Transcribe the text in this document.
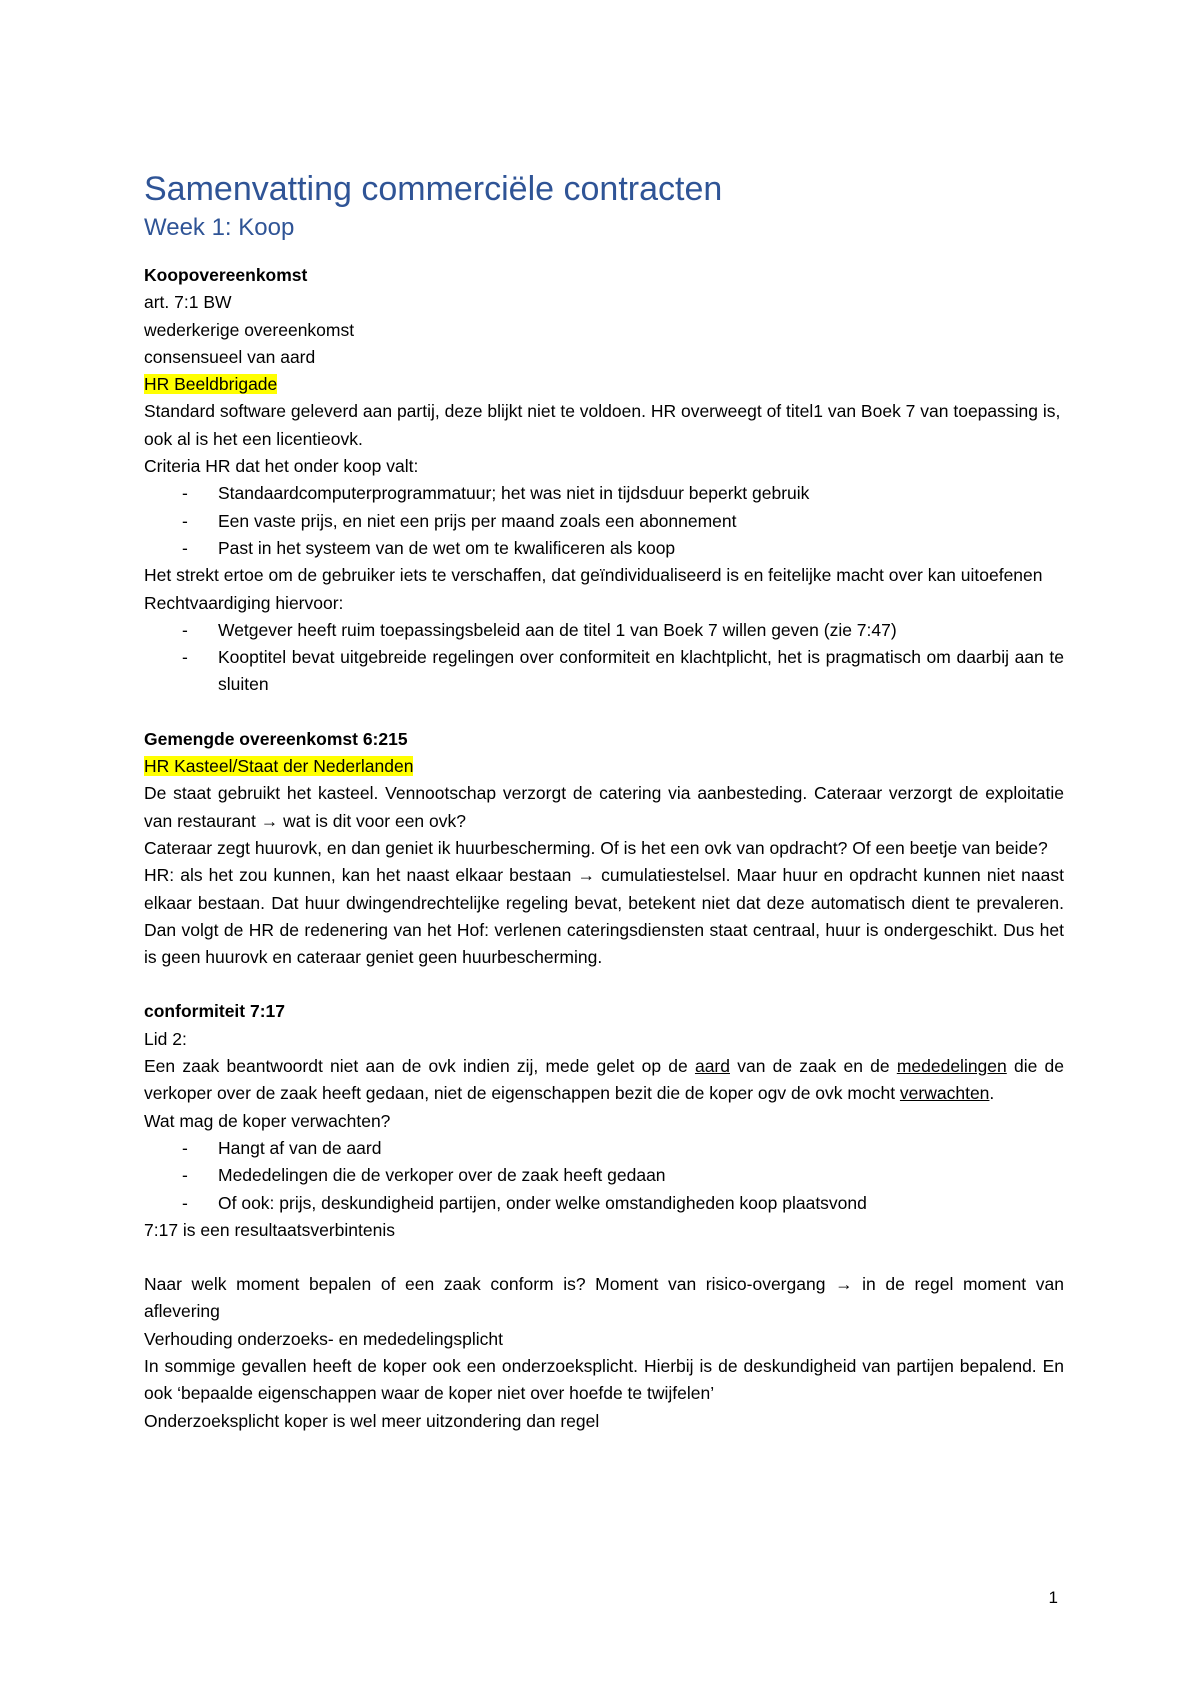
Samenvatting commerciële contracten
Week 1: Koop

Koopovereenkomst

art. 7:1 BW

wederkerige overeenkomst

consensueel van aard

HR Beeldbrigade

Standard software geleverd aan partij, deze blijkt niet te voldoen. HR overweegt of titel1 van Boek 7 van toepassing is, ook al is het een licentieovk.

Criteria HR dat het onder koop valt:

- Standaardcomputerprogrammatuur; het was niet in tijdsduur beperkt gebruik
- Een vaste prijs, en niet een prijs per maand zoals een abonnement
- Past in het systeem van de wet om te kwalificeren als koop

Het strekt ertoe om de gebruiker iets te verschaffen, dat geïndividualiseerd is en feitelijke macht over kan uitoefenen

Rechtvaardiging hiervoor:

- Wetgever heeft ruim toepassingsbeleid aan de titel 1 van Boek 7 willen geven (zie 7:47)
- Kooptitel bevat uitgebreide regelingen over conformiteit en klachtplicht, het is pragmatisch om daarbij aan te sluiten

Gemengde overeenkomst 6:215

HR Kasteel/Staat der Nederlanden

De staat gebruikt het kasteel. Vennootschap verzorgt de catering via aanbesteding. Cateraar verzorgt de exploitatie van restaurant → wat is dit voor een ovk?

Cateraar zegt huurovk, en dan geniet ik huurbescherming. Of is het een ovk van opdracht? Of een beetje van beide?

HR: als het zou kunnen, kan het naast elkaar bestaan → cumulatiestelsel. Maar huur en opdracht kunnen niet naast elkaar bestaan. Dat huur dwingendrechtelijke regeling bevat, betekent niet dat deze automatisch dient te prevaleren. Dan volgt de HR de redenering van het Hof: verlenen cateringsdiensten staat centraal, huur is ondergeschikt. Dus het is geen huurovk en cateraar geniet geen huurbescherming.

conformiteit 7:17

Lid 2:

Een zaak beantwoordt niet aan de ovk indien zij, mede gelet op de aard van de zaak en de mededelingen die de verkoper over de zaak heeft gedaan, niet de eigenschappen bezit die de koper ogv de ovk mocht verwachten.

Wat mag de koper verwachten?

- Hangt af van de aard
- Mededelingen die de verkoper over de zaak heeft gedaan
- Of ook: prijs, deskundigheid partijen, onder welke omstandigheden koop plaatsvond

7:17 is een resultaatsverbintenis

Naar welk moment bepalen of een zaak conform is? Moment van risico-overgang → in de regel moment van aflevering

Verhouding onderzoeks- en mededelingsplicht

In sommige gevallen heeft de koper ook een onderzoeksplicht. Hierbij is de deskundigheid van partijen bepalend. En ook ‘bepaalde eigenschappen waar de koper niet over hoefde te twijfelen’

Onderzoeksplicht koper is wel meer uitzondering dan regel

1
